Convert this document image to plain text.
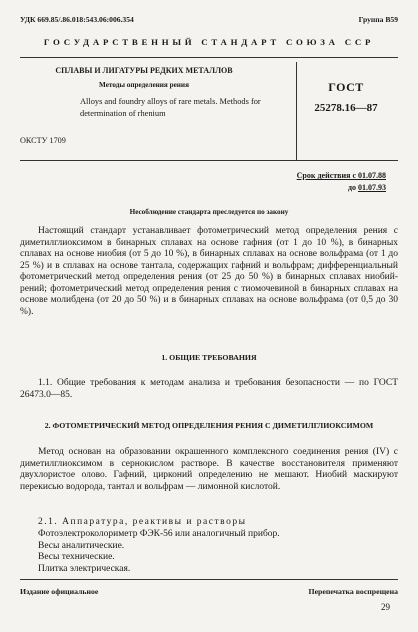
УДК 669.85/.86.018:543.06:006.354	Группа В59
ГОСУДАРСТВЕННЫЙ СТАНДАРТ СОЮЗА ССР
СПЛАВЫ И ЛИГАТУРЫ РЕДКИХ МЕТАЛЛОВ
Методы определения рения
Alloys and foundry alloys of rare metals. Methods for determination of rhenium
ОКСТУ 1709
ГОСТ
25278.16—87
Срок действия с 01.07.88
до 01.07.93
Несоблюдение стандарта преследуется по закону
Настоящий стандарт устанавливает фотометрический метод определения рения с диметилглиоксимом в бинарных сплавах на основе гафния (от 1 до 10 %), в бинарных сплавах на основе ниобия (от 5 до 10 %), в бинарных сплавах на основе вольфрама (от 1 до 25 %) и в сплавах на основе тантала, содержащих гафний и вольфрам; дифференциальный фотометрический метод определения рения (от 25 до 50 %) в бинарных сплавах ниобий-рений; фотометрический метод определения рения с тиомочевиной в бинарных сплавах на основе молибдена (от 20 до 50 %) и в бинарных сплавах на основе вольфрама (от 0,5 до 30 %).
1. ОБЩИЕ ТРЕБОВАНИЯ
1.1. Общие требования к методам анализа и требования безопасности — по ГОСТ 26473.0—85.
2. ФОТОМЕТРИЧЕСКИЙ МЕТОД ОПРЕДЕЛЕНИЯ РЕНИЯ С ДИМЕТИЛГЛИОКСИМОМ
Метод основан на образовании окрашенного комплексного соединения рения (IV) с диметилглиоксимом в сернокислом растворе. В качестве восстановителя применяют двухлористое олово. Гафний, цирконий определению не мешают. Ниобий маскируют перекисью водорода, тантал и вольфрам — лимонной кислотой.
2.1. Аппаратура, реактивы и растворы
Фотоэлектроколориметр ФЭК-56 или аналогичный прибор.
Весы аналитические.
Весы технические.
Плитка электрическая.
Издание официальное	Перепечатка воспрещена
29
